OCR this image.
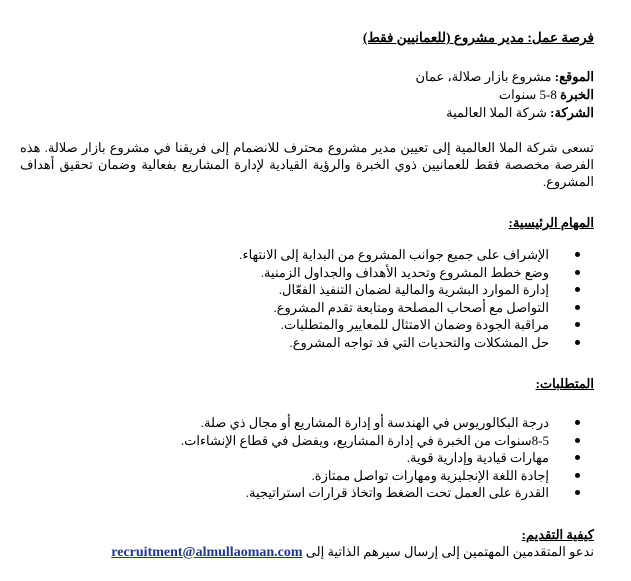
فرصة عمل: مدير مشروع (للعمانيين فقط)
الموقع: مشروع بازار صلالة، عمان
الخبرة 8-5 سنوات
الشركة: شركة الملا العالمية
تسعى شركة الملا العالمية إلى تعيين مدير مشروع محترف للانضمام إلى فريقنا في مشروع بازار صلالة. هذه الفرصة مخصصة فقط للعمانيين ذوي الخبرة والرؤية القيادية لإدارة المشاريع بفعالية وضمان تحقيق أهداف المشروع.
المهام الرئيسية:
الإشراف على جميع جوانب المشروع من البداية إلى الانتهاء.
وضع خطط المشروع وتحديد الأهداف والجداول الزمنية.
إدارة الموارد البشرية والمالية لضمان التنفيذ الفعّال.
التواصل مع أصحاب المصلحة ومتابعة تقدم المشروع.
مراقبة الجودة وضمان الامتثال للمعايير والمتطلبات.
حل المشكلات والتحديات التي قد تواجه المشروع.
المتطلبات:
درجة البكالوريوس في الهندسة أو إدارة المشاريع أو مجال ذي صلة.
8-5سنوات من الخبرة في إدارة المشاريع، ويفضل في قطاع الإنشاءات.
مهارات قيادية وإدارية قوية.
إجادة اللغة الإنجليزية ومهارات تواصل ممتازة.
القدرة على العمل تحت الضغط واتخاذ قرارات استراتيجية.
كيفية التقديم:
ندعو المتقدمين المهتمين إلى إرسال سيرهم الذاتية إلى recruitment@almullaoman.com
